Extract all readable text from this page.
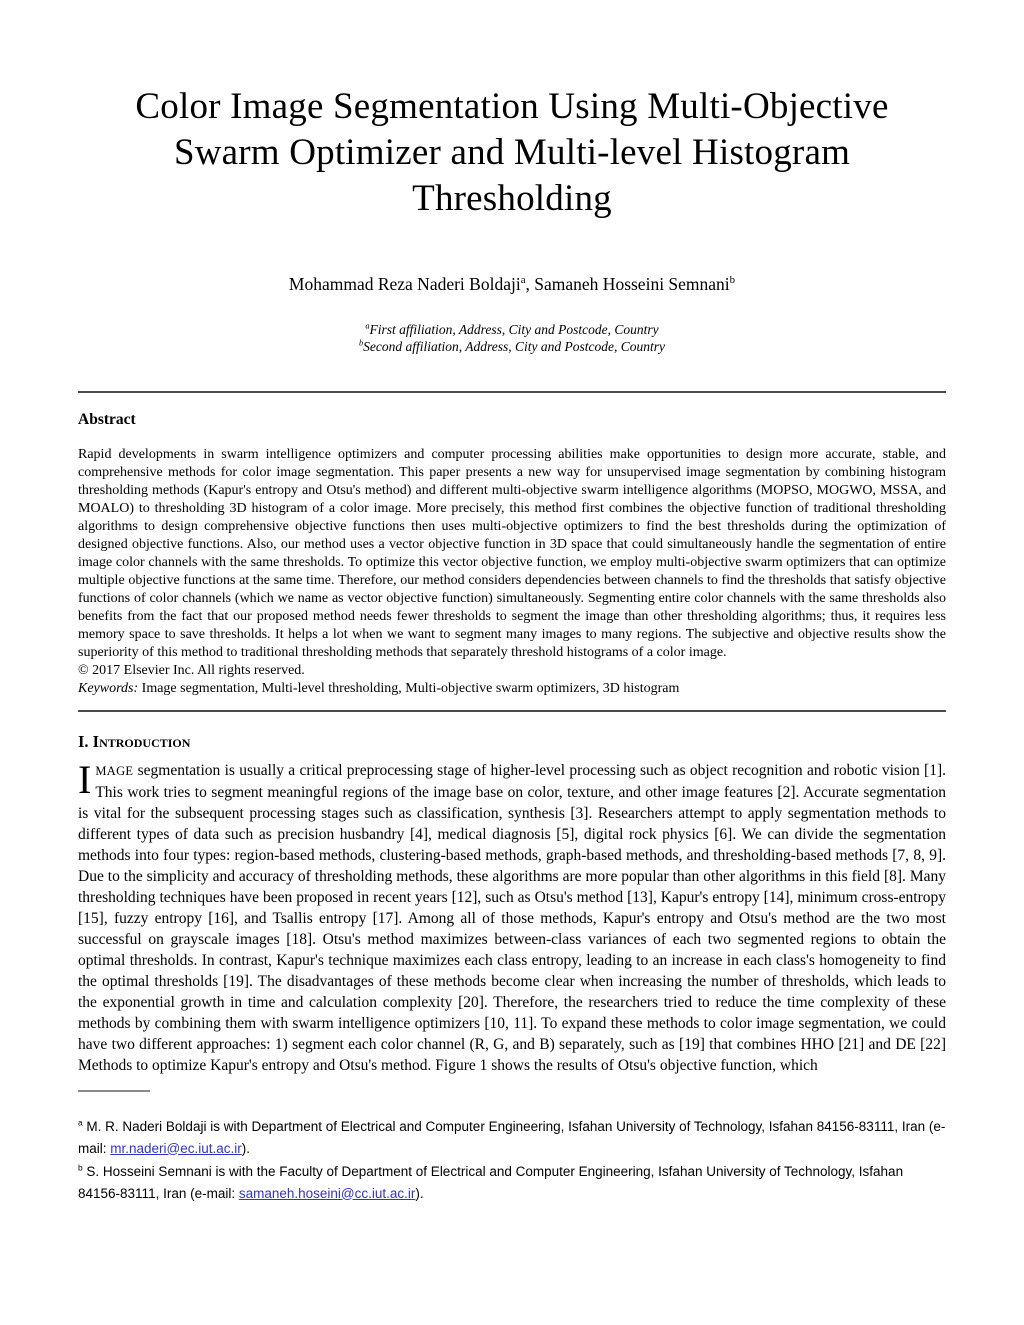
Color Image Segmentation Using Multi-Objective
Swarm Optimizer and Multi-level Histogram
Thresholding
Mohammad Reza Naderi Boldaji$^a$, Samaneh Hosseini Semnani$^b$
$^a$First affiliation, Address, City and Postcode, Country
$^b$Second affiliation, Address, City and Postcode, Country
Abstract
Rapid developments in swarm intelligence optimizers and computer processing abilities make opportunities to design more accurate, stable, and comprehensive methods for color image segmentation. This paper presents a new way for unsupervised image segmentation by combining histogram thresholding methods (Kapur's entropy and Otsu's method) and different multi-objective swarm intelligence algorithms (MOPSO, MOGWO, MSSA, and MOALO) to thresholding 3D histogram of a color image. More precisely, this method first combines the objective function of traditional thresholding algorithms to design comprehensive objective functions then uses multi-objective optimizers to find the best thresholds during the optimization of designed objective functions. Also, our method uses a vector objective function in 3D space that could simultaneously handle the segmentation of entire image color channels with the same thresholds. To optimize this vector objective function, we employ multi-objective swarm optimizers that can optimize multiple objective functions at the same time. Therefore, our method considers dependencies between channels to find the thresholds that satisfy objective functions of color channels (which we name as vector objective function) simultaneously. Segmenting entire color channels with the same thresholds also benefits from the fact that our proposed method needs fewer thresholds to segment the image than other thresholding algorithms; thus, it requires less memory space to save thresholds. It helps a lot when we want to segment many images to many regions. The subjective and objective results show the superiority of this method to traditional thresholding methods that separately threshold histograms of a color image.
© 2017 Elsevier Inc. All rights reserved.
Keywords: Image segmentation, Multi-level thresholding, Multi-objective swarm optimizers, 3D histogram
I. Introduction
IMAGE segmentation is usually a critical preprocessing stage of higher-level processing such as object recognition and robotic vision [1]. This work tries to segment meaningful regions of the image base on color, texture, and other image features [2]. Accurate segmentation is vital for the subsequent processing stages such as classification, synthesis [3]. Researchers attempt to apply segmentation methods to different types of data such as precision husbandry [4], medical diagnosis [5], digital rock physics [6]. We can divide the segmentation methods into four types: region-based methods, clustering-based methods, graph-based methods, and thresholding-based methods [7, 8, 9]. Due to the simplicity and accuracy of thresholding methods, these algorithms are more popular than other algorithms in this field [8]. Many thresholding techniques have been proposed in recent years [12], such as Otsu's method [13], Kapur's entropy [14], minimum cross-entropy [15], fuzzy entropy [16], and Tsallis entropy [17]. Among all of those methods, Kapur's entropy and Otsu's method are the two most successful on grayscale images [18]. Otsu's method maximizes between-class variances of each two segmented regions to obtain the optimal thresholds. In contrast, Kapur's technique maximizes each class entropy, leading to an increase in each class's homogeneity to find the optimal thresholds [19]. The disadvantages of these methods become clear when increasing the number of thresholds, which leads to the exponential growth in time and calculation complexity [20]. Therefore, the researchers tried to reduce the time complexity of these methods by combining them with swarm intelligence optimizers [10, 11]. To expand these methods to color image segmentation, we could have two different approaches: 1) segment each color channel (R, G, and B) separately, such as [19] that combines HHO [21] and DE [22] Methods to optimize Kapur's entropy and Otsu's method. Figure 1 shows the results of Otsu's objective function, which
$^a$ M. R. Naderi Boldaji is with Department of Electrical and Computer Engineering, Isfahan University of Technology, Isfahan 84156-83111, Iran (e-mail: mr.naderi@ec.iut.ac.ir).
$^b$ S. Hosseini Semnani is with the Faculty of Department of Electrical and Computer Engineering, Isfahan University of Technology, Isfahan 84156-83111, Iran (e-mail: samaneh.hoseini@cc.iut.ac.ir).
